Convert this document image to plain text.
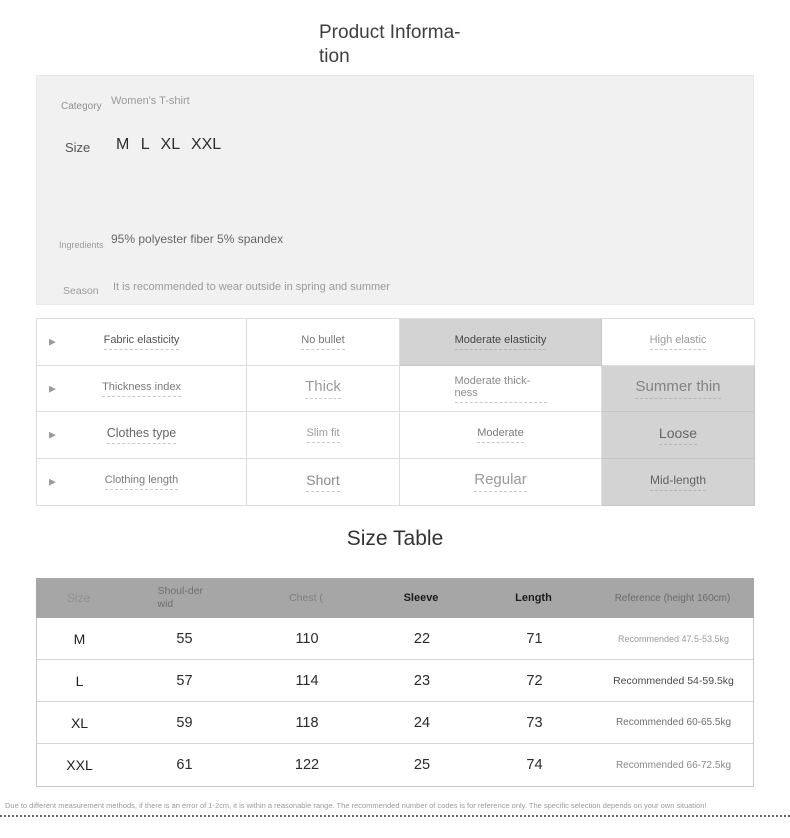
Product Informa-tion
Category Women's T-shirt
Size M L XL XXL
Ingredients 95% polyester fiber 5% spandex
Season It is recommended to wear outside in spring and summer
▶	Fabric elasticity	No bullet	Moderate elasticity	High elastic
▶	Thickness index	Thick	Moderate thick-ness	Summer thin
▶	Clothes type	Slim fit	Moderate	Loose
▶	Clothing length	Short	Regular	Mid-length
Size Table
Size	Shoul-der wid	Chest (	Sleeve	Length	Reference (height 160cm)
M	55	110	22	71	Recommended 47.5-53.5kg
L	57	114	23	72	Recommended 54-59.5kg
XL	59	118	24	73	Recommended 60-65.5kg
XXL	61	122	25	74	Recommended 66-72.5kg
Due to different measurement methods, if there is an error of 1-2cm, it is within a reasonable range. The recommended number of codes is for reference only. The specific selection depends on your own situation!
